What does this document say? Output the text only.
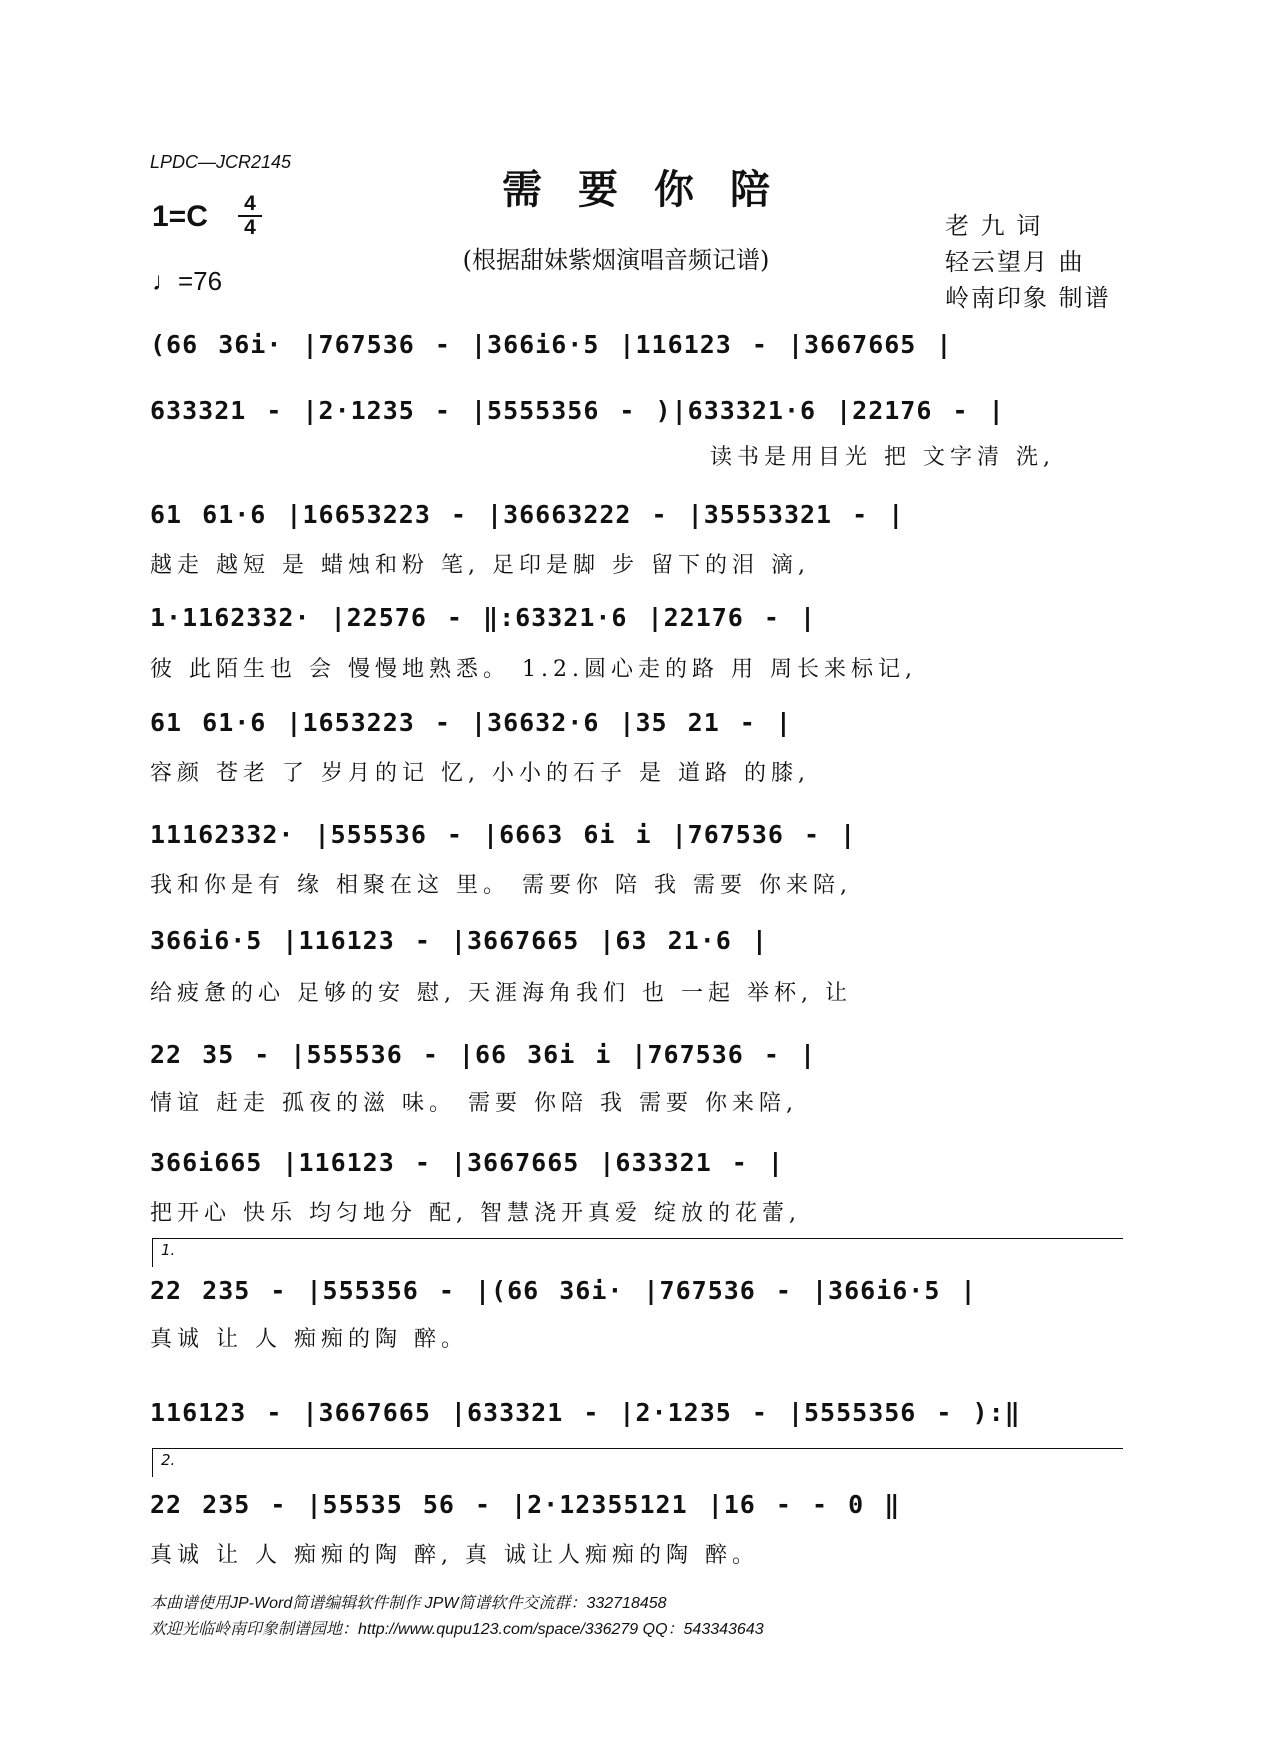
LPDC—JCR2145
需要你陪
(根据甜妹紫烟演唱音频记谱)
1=C 4
4
♩=76
老 九 词
轻云望月 曲
岭南印象 制谱
(66 36i· |767536 - |366i6·5 |116123 - |3667665 |
633321 - |2·1235 - |5555356 - )|633321·6 |22176 - |
读书是用目光 把 文字清 洗,
61 61·6 |16653223 - |36663222 - |35553321 - |
越走 越短 是 蜡烛和粉 笔, 足印是脚 步 留下的泪 滴,
1·1162332· |22576 - ‖:63321·6 |22176 - |
彼 此陌生也 会 慢慢地熟悉。 1.2.圆心走的路 用 周长来标记,
61 61·6 |1653223 - |36632·6 |35 21 - |
容颜 苍老 了 岁月的记 忆, 小小的石子 是 道路 的膝,
11162332· |555536 - |6663 6i i |767536 - |
我和你是有 缘 相聚在这 里。 需要你 陪 我 需要 你来陪,
366i6·5 |116123 - |3667665 |63 21·6 |
给疲惫的心 足够的安 慰, 天涯海角我们 也 一起 举杯, 让
22 35 - |555536 - |66 36i i |767536 - |
情谊 赶走 孤夜的滋 味。 需要 你陪 我 需要 你来陪,
366i665 |116123 - |3667665 |633321 - |
把开心 快乐 均匀地分 配, 智慧浇开真爱 绽放的花蕾,
1.
22 235 - |555356 - |(66 36i· |767536 - |366i6·5 |
真诚 让 人 痴痴的陶 醉。
116123 - |3667665 |633321 - |2·1235 - |5555356 - ):‖
2.
22 235 - |55535 56 - |2·12355121 |16 - - 0 ‖
真诚 让 人 痴痴的陶 醉, 真 诚让人痴痴的陶 醉。
本曲谱使用JP-Word简谱编辑软件制作 JPW简谱软件交流群：332718458
欢迎光临岭南印象制谱园地：http://www.qupu123.com/space/336279 QQ：543343643
